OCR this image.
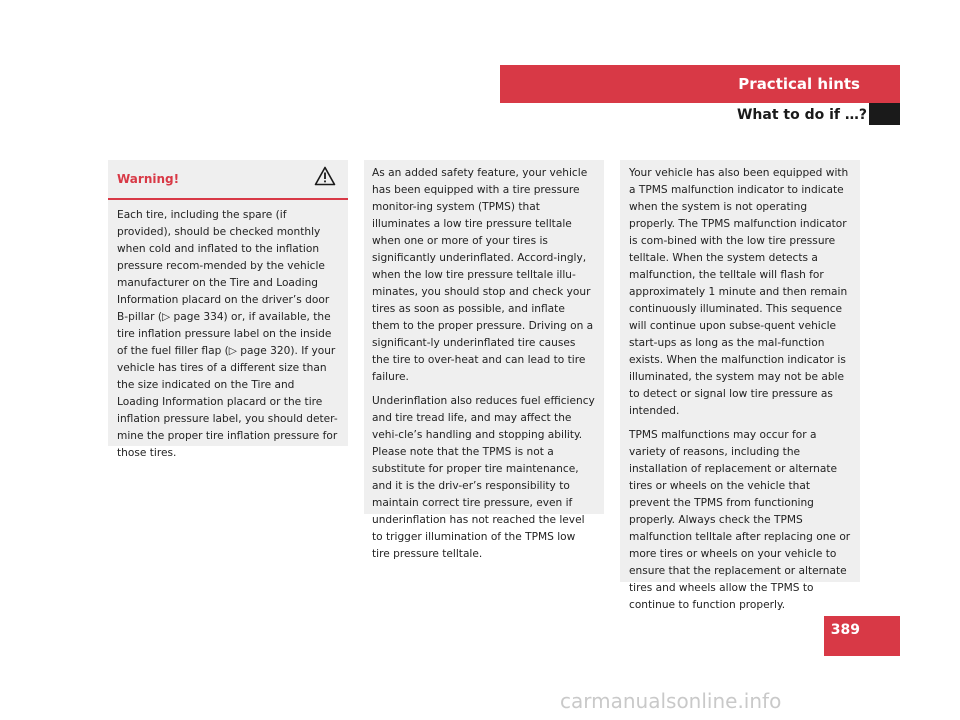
Practical hints
What to do if …?
Warning!

Each tire, including the spare (if provided), should be checked monthly when cold and inflated to the inflation pressure recom-mended by the vehicle manufacturer on the Tire and Loading Information placard on the driver’s door B-pillar (▷ page 334) or, if available, the tire inflation pressure label on the inside of the fuel filler flap (▷ page 320). If your vehicle has tires of a different size than the size indicated on the Tire and Loading Information placard or the tire inflation pressure label, you should deter-mine the proper tire inflation pressure for those tires.

As an added safety feature, your vehicle has been equipped with a tire pressure monitor-ing system (TPMS) that illuminates a low tire pressure telltale when one or more of your tires is significantly underinflated. Accord-ingly, when the low tire pressure telltale illu-minates, you should stop and check your tires as soon as possible, and inflate them to the proper pressure. Driving on a significant-ly underinflated tire causes the tire to over-heat and can lead to tire failure.

Underinflation also reduces fuel efficiency and tire tread life, and may affect the vehi-cle’s handling and stopping ability. Please note that the TPMS is not a substitute for proper tire maintenance, and it is the driv-er’s responsibility to maintain correct tire pressure, even if underinflation has not reached the level to trigger illumination of the TPMS low tire pressure telltale.

Your vehicle has also been equipped with a TPMS malfunction indicator to indicate when the system is not operating properly. The TPMS malfunction indicator is com-bined with the low tire pressure telltale. When the system detects a malfunction, the telltale will flash for approximately 1 minute and then remain continuously illuminated. This sequence will continue upon subse-quent vehicle start-ups as long as the mal-function exists. When the malfunction indicator is illuminated, the system may not be able to detect or signal low tire pressure as intended.

TPMS malfunctions may occur for a variety of reasons, including the installation of replacement or alternate tires or wheels on the vehicle that prevent the TPMS from functioning properly. Always check the TPMS malfunction telltale after replacing one or more tires or wheels on your vehicle to ensure that the replacement or alternate tires and wheels allow the TPMS to continue to function properly.

389
carmanualsonline.info
